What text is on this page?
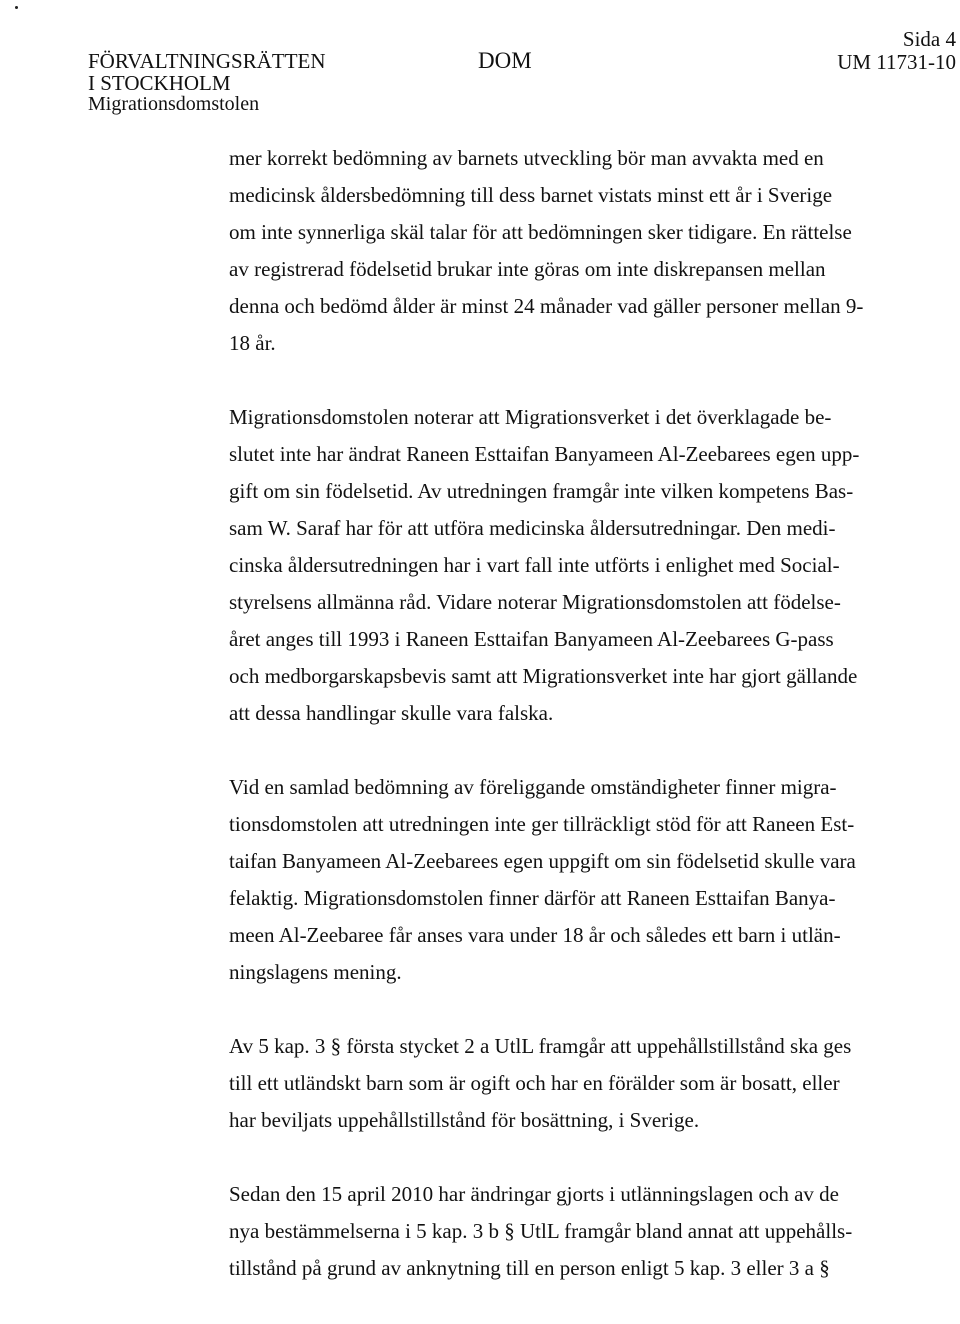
FÖRVALTNINGSRÄTTEN
I STOCKHOLM
Migrationsdomstolen
DOM
Sida 4
UM 11731-10

mer korrekt bedömning av barnets utveckling bör man avvakta med en
medicinsk åldersbedömning till dess barnet vistats minst ett år i Sverige
om inte synnerliga skäl talar för att bedömningen sker tidigare. En rättelse
av registrerad födelsetid brukar inte göras om inte diskrepansen mellan
denna och bedömd ålder är minst 24 månader vad gäller personer mellan 9-
18 år.

Migrationsdomstolen noterar att Migrationsverket i det överklagade be-
slutet inte har ändrat Raneen Esttaifan Banyameen Al-Zeebarees egen upp-
gift om sin födelsetid. Av utredningen framgår inte vilken kompetens Bas-
sam W. Saraf har för att utföra medicinska åldersutredningar. Den medi-
cinska åldersutredningen har i vart fall inte utförts i enlighet med Social-
styrelsens allmänna råd. Vidare noterar Migrationsdomstolen att födelse-
året anges till 1993 i Raneen Esttaifan Banyameen Al-Zeebarees G-pass
och medborgarskapsbevis samt att Migrationsverket inte har gjort gällande
att dessa handlingar skulle vara falska.

Vid en samlad bedömning av föreliggande omständigheter finner migra-
tionsdomstolen att utredningen inte ger tillräckligt stöd för att Raneen Est-
taifan Banyameen Al-Zeebarees egen uppgift om sin födelsetid skulle vara
felaktig. Migrationsdomstolen finner därför att Raneen Esttaifan Banya-
meen Al-Zeebaree får anses vara under 18 år och således ett barn i utlän-
ningslagens mening.

Av 5 kap. 3 § första stycket 2 a UtlL framgår att uppehållstillstånd ska ges
till ett utländskt barn som är ogift och har en förälder som är bosatt, eller
har beviljats uppehållstillstånd för bosättning, i Sverige.

Sedan den 15 april 2010 har ändringar gjorts i utlänningslagen och av de
nya bestämmelserna i 5 kap. 3 b § UtlL framgår bland annat att uppehålls-
tillstånd på grund av anknytning till en person enligt 5 kap. 3 eller 3 a §
